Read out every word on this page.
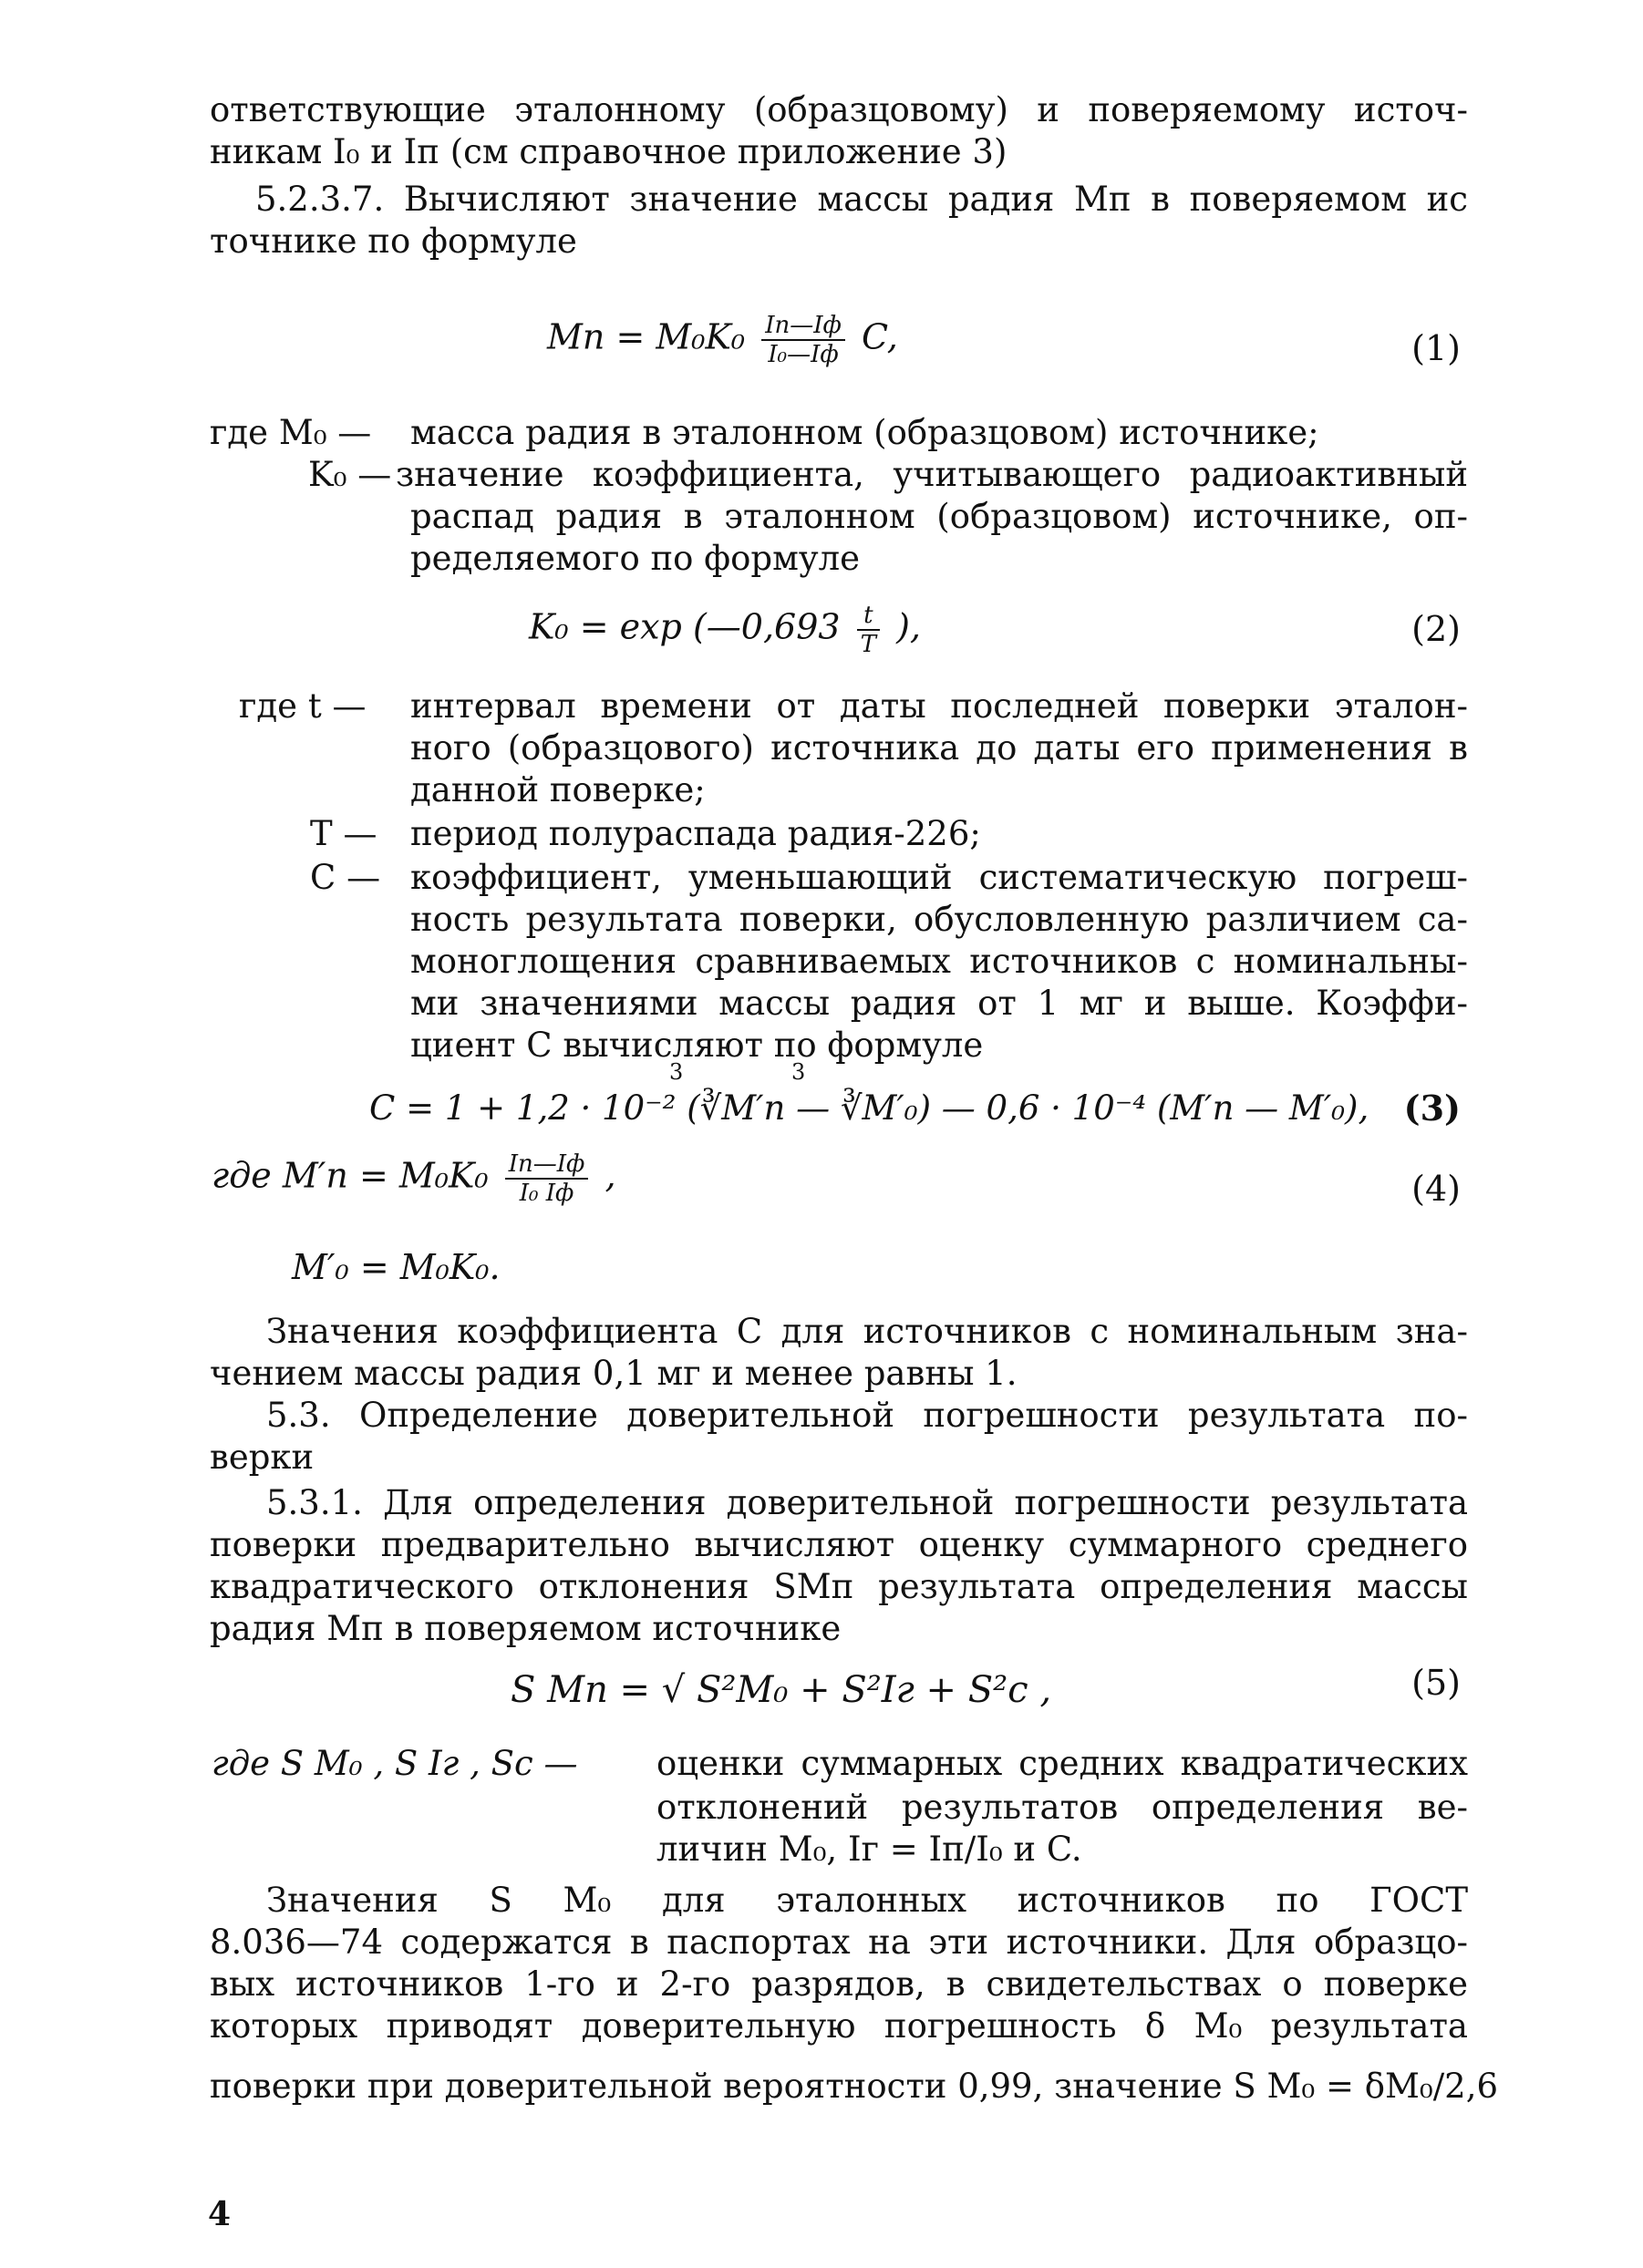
ответствующие эталонному (образцовому) и поверяемому источ-
никам I₀ и Iп (см справочное приложение 3)
5.2.3.7. Вычисляют значение массы радия Mп в поверяемом ис
точнике по формуле
Mп = $M_0K_0 \frac{Iп—Iф}{\text{I₀—Iф}} C$,	(1)
где M₀ — масса радия в эталонном (образцовом) источнике;
K₀ — значение коэффициента, учитывающего радиоактивный
распад радия в эталонном (образцовом) источнике, оп-
ределяемого по формуле
K₀ = exp (—0,693 $\frac{t}{T}$ ),	(2)
где t — интервал времени от даты последней поверки эталон-
ного (образцового) источника до даты его применения в
данной поверке;
T — период полураспада радия-226;
C — коэффициент, уменьшающий систематическую погреш-
ность результата поверки, обусловленную различием са-
моноглощения сравниваемых источников с номинальны-
ми значениями массы радия от 1 мг и выше. Коэффи-
циент C вычисляют по формуле
3	3
C = 1 + 1,2 · 10⁻² (∛M′п — ∛M′₀) — 0,6 · 10⁻⁴ (M′п — M′₀), (3)
где $M'п = M_0K_0 \frac{Iп—Iф}{\text{I₀ Iф}}$ ,	(4)
M′₀ = M₀K₀.
Значения коэффициента C для источников с номинальным зна-
чением массы радия 0,1 мг и менее равны 1.
5.3. Определение доверительной погрешности результата по-
верки
5.3.1. Для определения доверительной погрешности результата
поверки предварительно вычисляют оценку суммарного среднего
квадратического отклонения SMп результата определения массы
радия Mп в поверяемом источнике
S Mп = √ S²M₀ + S²Iг + S²c ,	(5)
где S M₀ , S Iг , Sc — оценки суммарных средних квадратических
отклонений результатов определения ве-
личин M₀, Iг = Iп/I₀ и C.
Значения S M₀ для эталонных источников по ГОСТ
8.036—74 содержатся в паспортах на эти источники. Для образцо-
вых источников 1-го и 2-го разрядов, в свидетельствах о поверке
которых приводят доверительную погрешность δ M₀ результата
поверки при доверительной вероятности 0,99, значение S M₀ = δM₀/2,6
4
